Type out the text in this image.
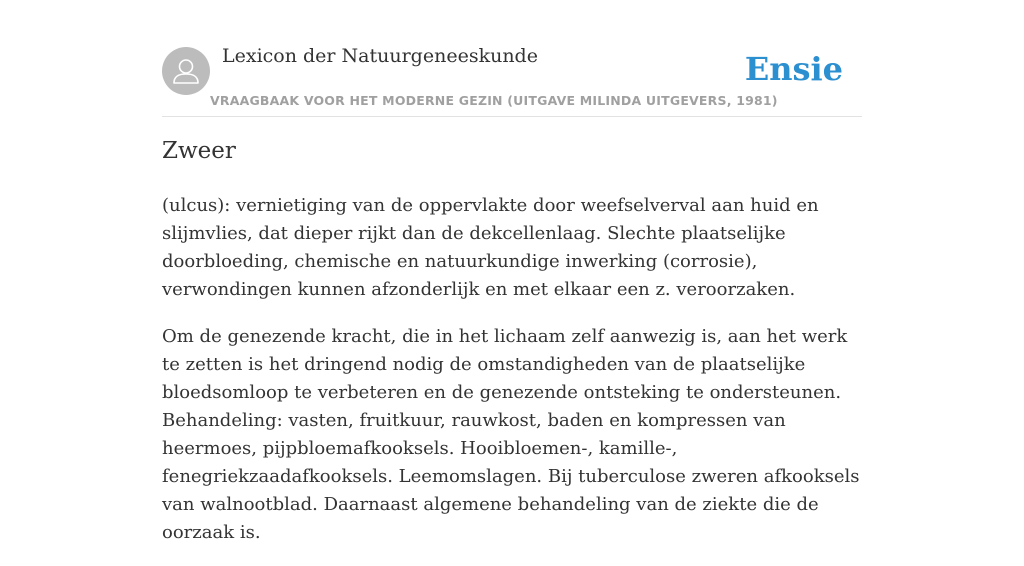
Lexicon der Natuurgeneeskunde
VRAAGBAAK VOOR HET MODERNE GEZIN (UITGAVE MILINDA UITGEVERS, 1981)
Ensie
Zweer

(ulcus): vernietiging van de oppervlakte door weefselverval aan huid en slijmvlies, dat dieper rijkt dan de dekcellenlaag. Slechte plaatselijke doorbloeding, chemische en natuurkundige inwerking (corrosie), verwondingen kunnen afzonderlijk en met elkaar een z. veroorzaken.

Om de genezende kracht, die in het lichaam zelf aanwezig is, aan het werk te zetten is het dringend nodig de omstandigheden van de plaatselijke bloedsomloop te verbeteren en de genezende ontsteking te ondersteunen. Behandeling: vasten, fruitkuur, rauwkost, baden en kompressen van heermoes, pijpbloemafkooksels. Hooibloemen-, kamille-, fenegriekzaadafkooksels. Leemomslagen. Bij tuberculose zweren afkooksels van walnootblad. Daarnaast algemene behandeling van de ziekte die de oorzaak is.
